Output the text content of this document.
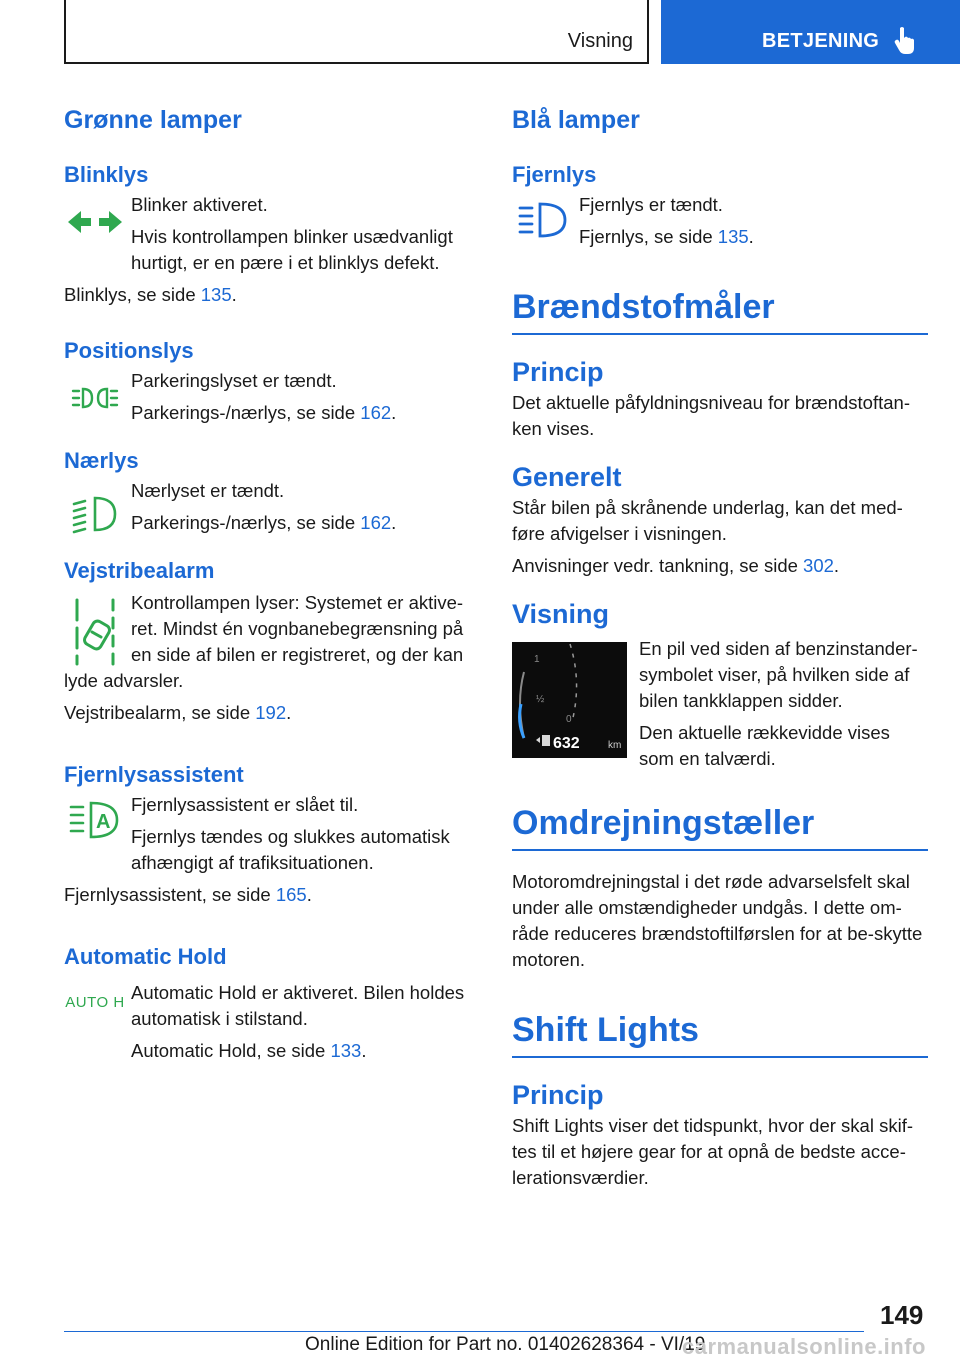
Visning	BETJENING
Grønne lamper
Blinklys

Blinker aktiveret.

Hvis kontrollampen blinker usædvanligt hurtigt, er en pære i et blinklys defekt.

Blinklys, se side 135.

Positionslys

Parkeringslyset er tændt.

Parkerings-/nærlys, se side 162.

Nærlys

Nærlyset er tændt.

Parkerings-/nærlys, se side 162.

Vejstribealarm

Kontrollampen lyser: Systemet er aktive-

ret. Mindst én vognbanebegrænsning på

en side af bilen er registreret, og der kan

lyde advarsler.

Vejstribealarm, se side 192.

Fjernlysassistent
A

Fjernlysassistent er slået til.

Fjernlys tændes og slukkes automatisk afhængigt af trafiksituationen.

Fjernlysassistent, se side 165.

Automatic Hold
AUTO H Automatic Hold er aktiveret. Bilen holdes automatisk i stilstand.

Automatic Hold, se side 133.

Blå lamper
Fjernlys

Fjernlys er tændt.

Fjernlys, se side 135.

Brændstofmåler
Princip

Det aktuelle påfyldningsniveau for brændstoftan-ken vises.

Generelt

Står bilen på skrånende underlag, kan det med-føre afvigelser i visningen.

Anvisninger vedr. tankning, se side 302.

Visning
1
½
0
632	km

En pil ved siden af benzinstander-symbolet viser, på hvilken side af bilen tankklappen sidder.

Den aktuelle rækkevidde vises som en talværdi.

Omdrejningstæller

Motoromdrejningstal i det røde advarselsfelt skal under alle omstændigheder undgås. I dette om-råde reduceres brændstoftilførslen for at be-skytte motoren.

Shift Lights
Princip

Shift Lights viser det tidspunkt, hvor der skal skif-tes til et højere gear for at opnå de bedste acce-lerationsværdier.

149
Online Edition for Part no. 01402628364 - VI/19
carmanualsonline.info
